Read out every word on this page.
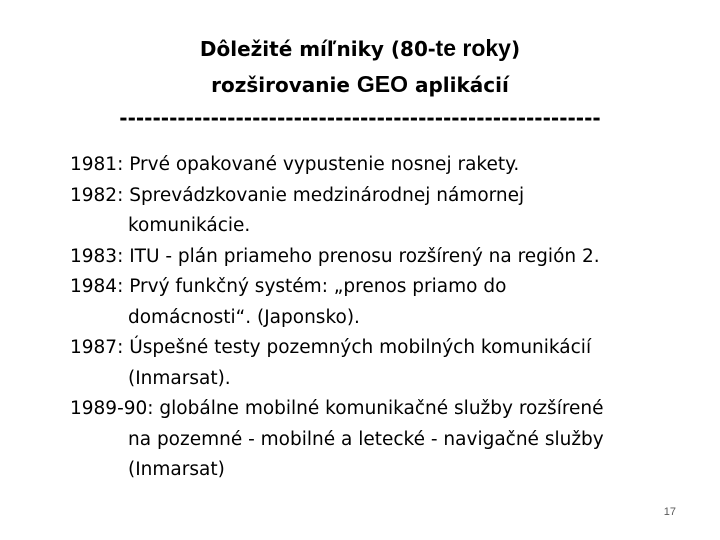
Dôležité míľniky (80-te roky)
rozširovanie GEO aplikácií
----------------------------------------------------------
1981: Prvé opakované vypustenie nosnej rakety.
1982: Sprevádzkovanie medzinárodnej námornej
komunikácie.
1983: ITU - plán priameho prenosu rozšírený na región 2.
1984: Prvý funkčný systém: „prenos priamo do
domácnosti“. (Japonsko).
1987: Úspešné testy pozemných mobilných komunikácií
(Inmarsat).
1989-90: globálne mobilné komunikačné služby rozšírené
na pozemné - mobilné a letecké - navigačné služby
(Inmarsat)
17
